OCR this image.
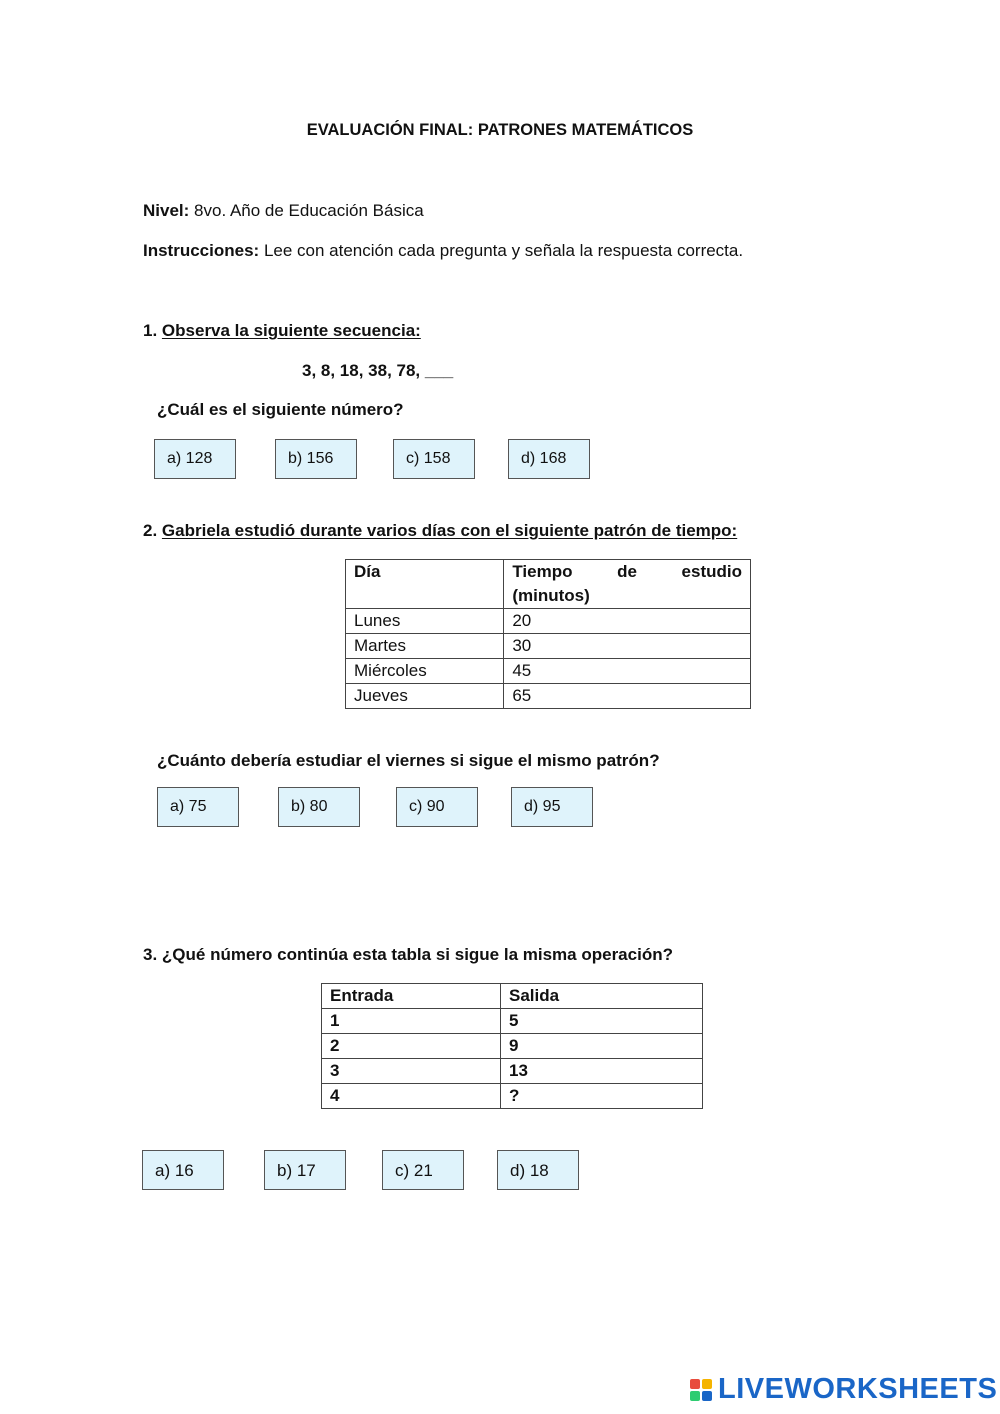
EVALUACIÓN FINAL: PATRONES MATEMÁTICOS
Nivel: 8vo. Año de Educación Básica
Instrucciones: Lee con atención cada pregunta y señala la respuesta correcta.
1. Observa la siguiente secuencia:
3, 8, 18, 38, 78, ___
¿Cuál es el siguiente número?
a) 128	b) 156	c) 158	d) 168
2. Gabriela estudió durante varios días con el siguiente patrón de tiempo:
Día	Tiempo de estudio (minutos)
Lunes	20
Martes	30
Miércoles	45
Jueves	65
¿Cuánto debería estudiar el viernes si sigue el mismo patrón?
a) 75	b) 80	c) 90	d) 95
3. ¿Qué número continúa esta tabla si sigue la misma operación?
Entrada	Salida
1	5
2	9
3	13
4	?
a) 16	b) 17	c) 21	d) 18
LIVEWORKSHEETS
